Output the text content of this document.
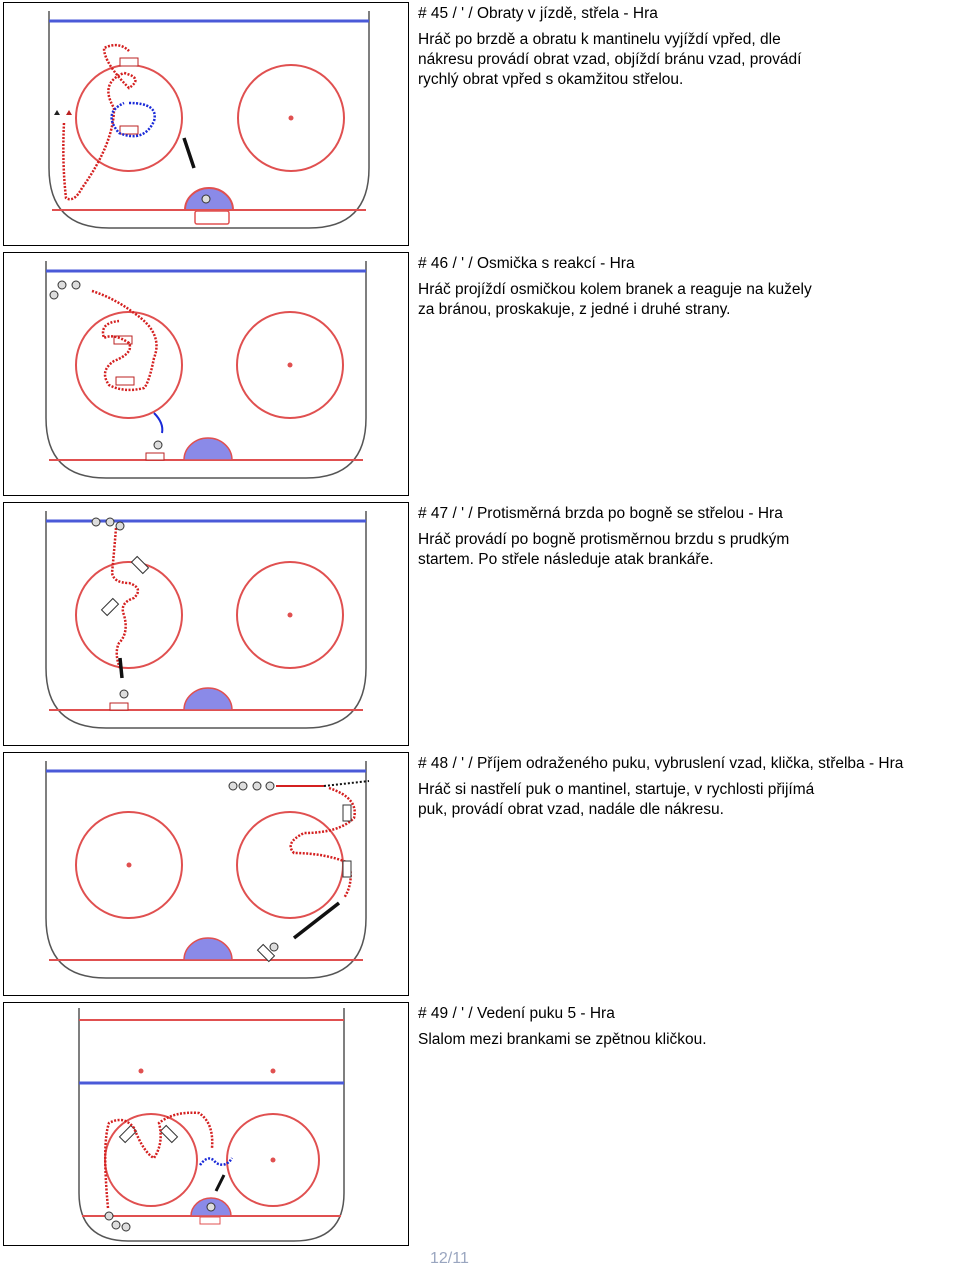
# 45 / ' / Obraty v jízdě, střela - Hra

Hráč po brzdě a obratu k mantinelu vyjíždí vpřed, dle nákresu provádí obrat vzad, objíždí bránu vzad, provádí rychlý obrat vpřed s okamžitou střelou.

# 46 / ' / Osmička s reakcí - Hra

Hráč projíždí osmičkou kolem branek a reaguje na kužely za bránou, proskakuje, z jedné i druhé strany.

# 47 / ' / Protisměrná brzda po bogně se střelou - Hra

Hráč provádí po bogně protisměrnou brzdu s prudkým startem. Po střele následuje atak brankáře.

# 48 / ' / Příjem odraženého puku, vybruslení vzad, klička, střelba - Hra

Hráč si nastřelí puk o mantinel, startuje, v rychlosti přijímá puk, provádí obrat vzad, nadále dle nákresu.

# 49 / ' / Vedení puku 5 - Hra

Slalom mezi brankami se zpětnou kličkou.

12/11
